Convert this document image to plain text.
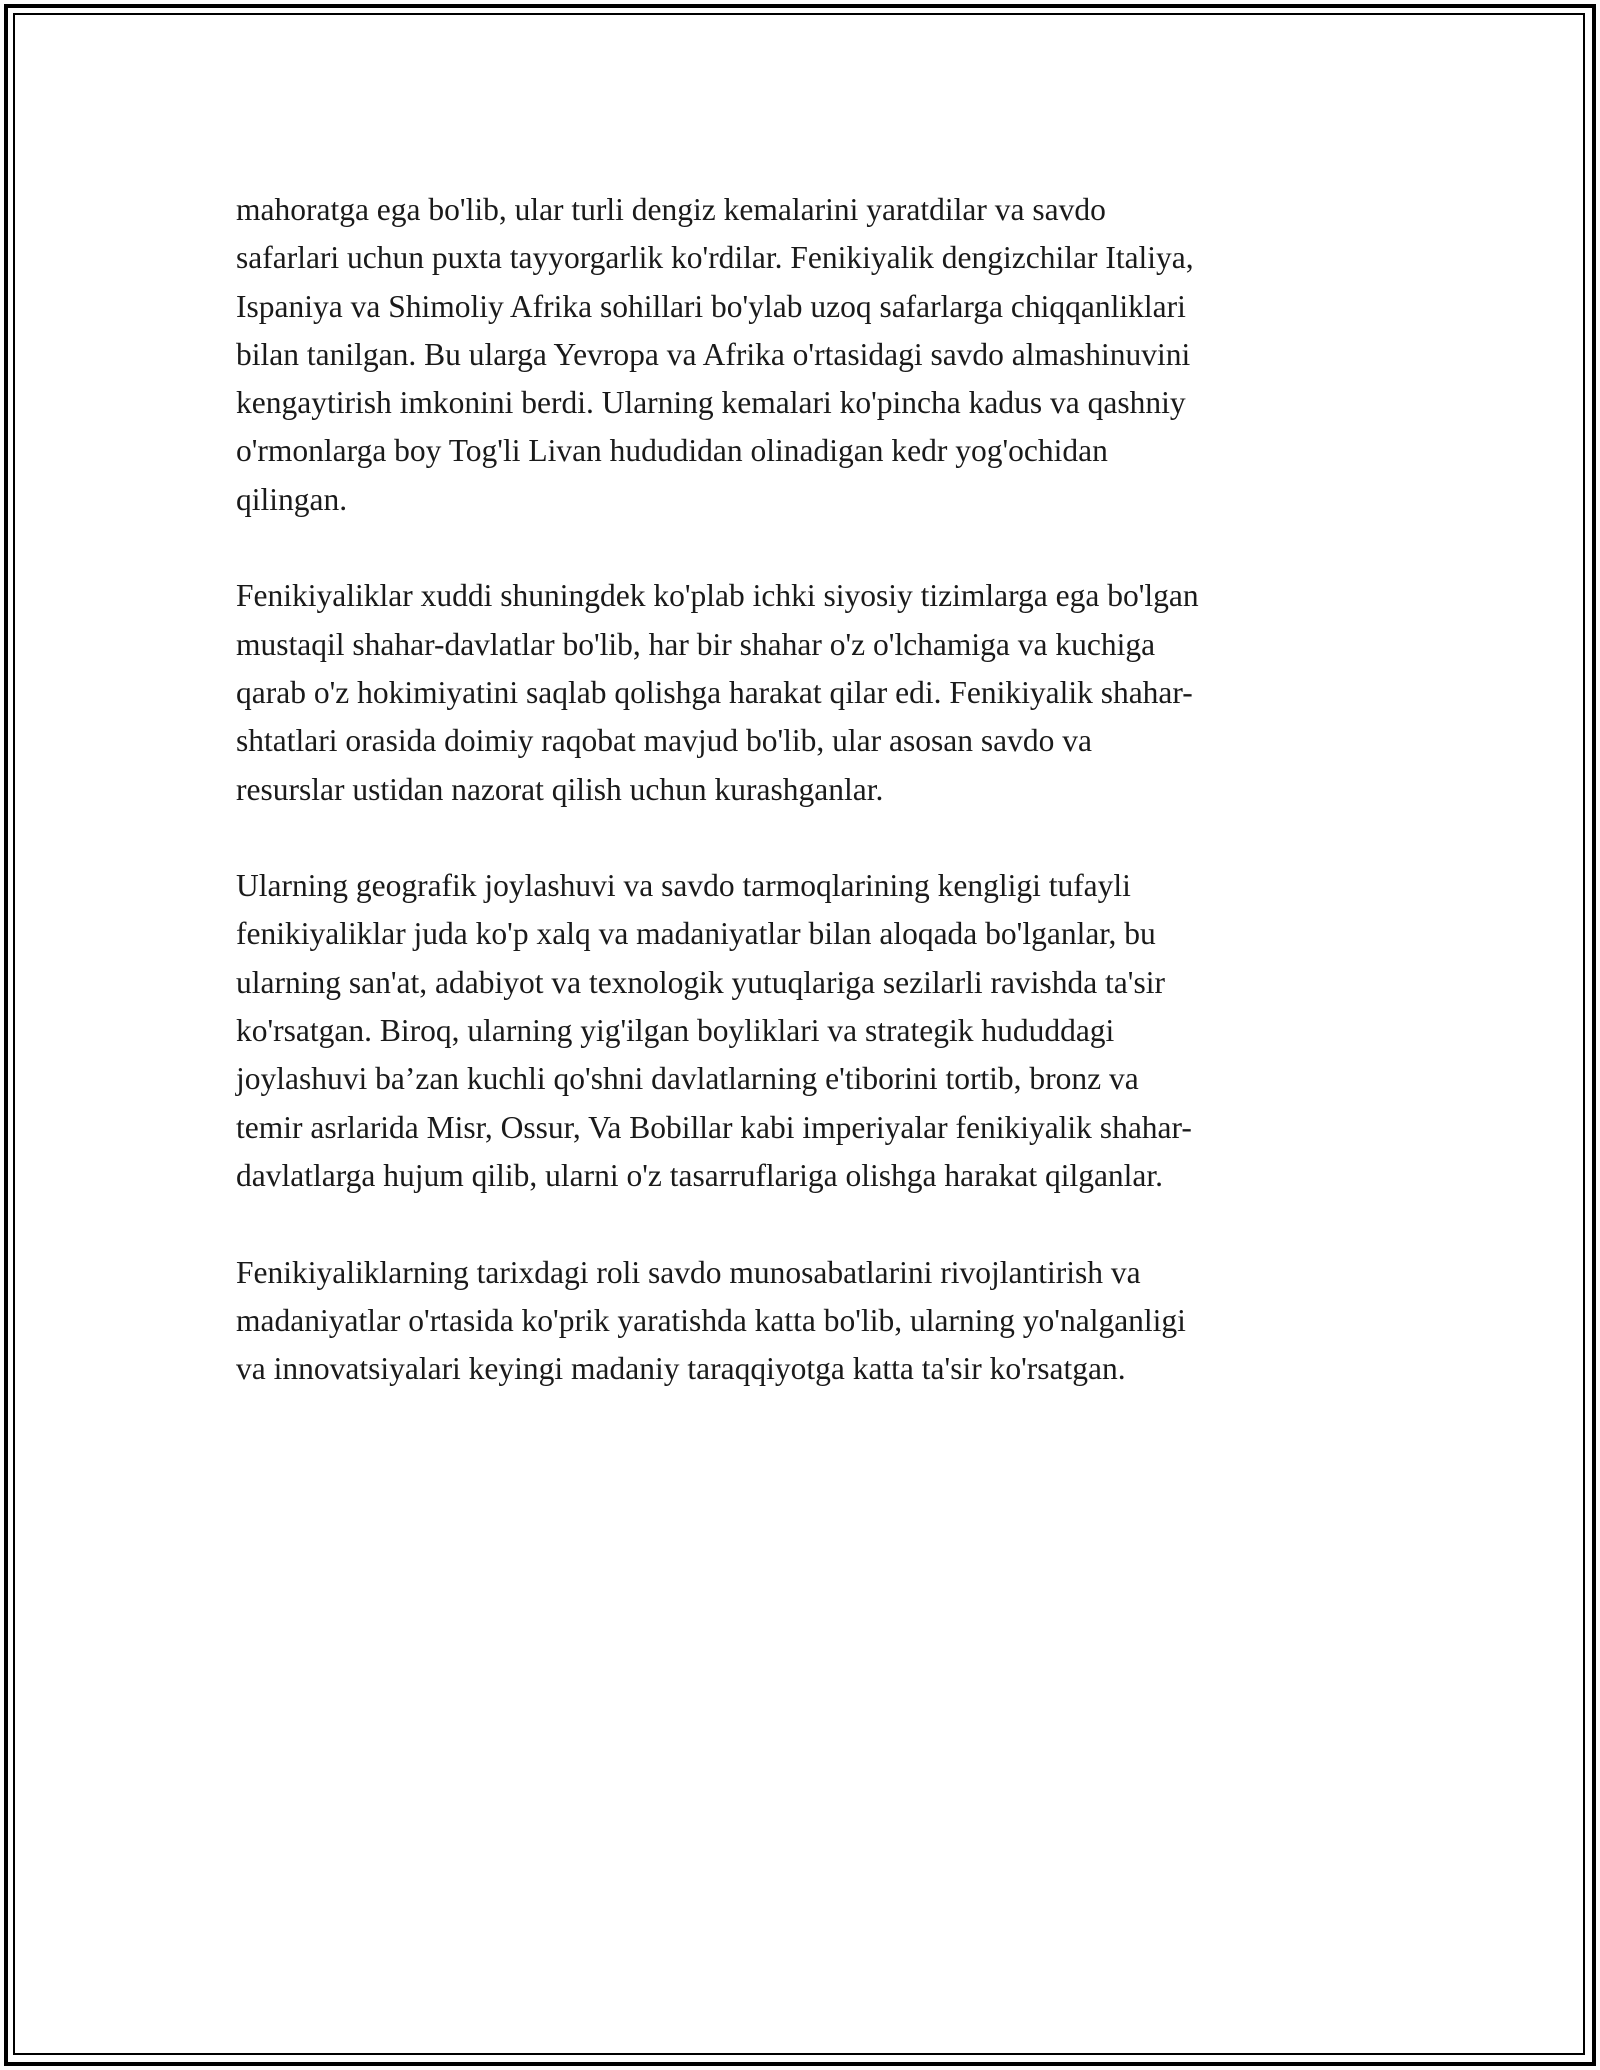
mahoratga ega bo'lib, ular turli dengiz kemalarini yaratdilar va savdo
safarlari uchun puxta tayyorgarlik ko'rdilar. Fenikiyalik dengizchilar Italiya,
Ispaniya va Shimoliy Afrika sohillari bo'ylab uzoq safarlarga chiqqanliklari
bilan tanilgan. Bu ularga Yevropa va Afrika o'rtasidagi savdo almashinuvini
kengaytirish imkonini berdi. Ularning kemalari ko'pincha kadus va qashniy
o'rmonlarga boy Tog'li Livan hududidan olinadigan kedr yog'ochidan
qilingan.

Fenikiyaliklar xuddi shuningdek ko'plab ichki siyosiy tizimlarga ega bo'lgan
mustaqil shahar-davlatlar bo'lib, har bir shahar o'z o'lchamiga va kuchiga
qarab o'z hokimiyatini saqlab qolishga harakat qilar edi. Fenikiyalik shahar-
shtatlari orasida doimiy raqobat mavjud bo'lib, ular asosan savdo va
resurslar ustidan nazorat qilish uchun kurashganlar.

Ularning geografik joylashuvi va savdo tarmoqlarining kengligi tufayli
fenikiyaliklar juda ko'p xalq va madaniyatlar bilan aloqada bo'lganlar, bu
ularning san'at, adabiyot va texnologik yutuqlariga sezilarli ravishda ta'sir
ko'rsatgan. Biroq, ularning yig'ilgan boyliklari va strategik hududdagi
joylashuvi ba’zan kuchli qo'shni davlatlarning e'tiborini tortib, bronz va
temir asrlarida Misr, Ossur, Va Bobillar kabi imperiyalar fenikiyalik shahar-
davlatlarga hujum qilib, ularni o'z tasarruflariga olishga harakat qilganlar.

Fenikiyaliklarning tarixdagi roli savdo munosabatlarini rivojlantirish va
madaniyatlar o'rtasida ko'prik yaratishda katta bo'lib, ularning yo'nalganligi
va innovatsiyalari keyingi madaniy taraqqiyotga katta ta'sir ko'rsatgan.
